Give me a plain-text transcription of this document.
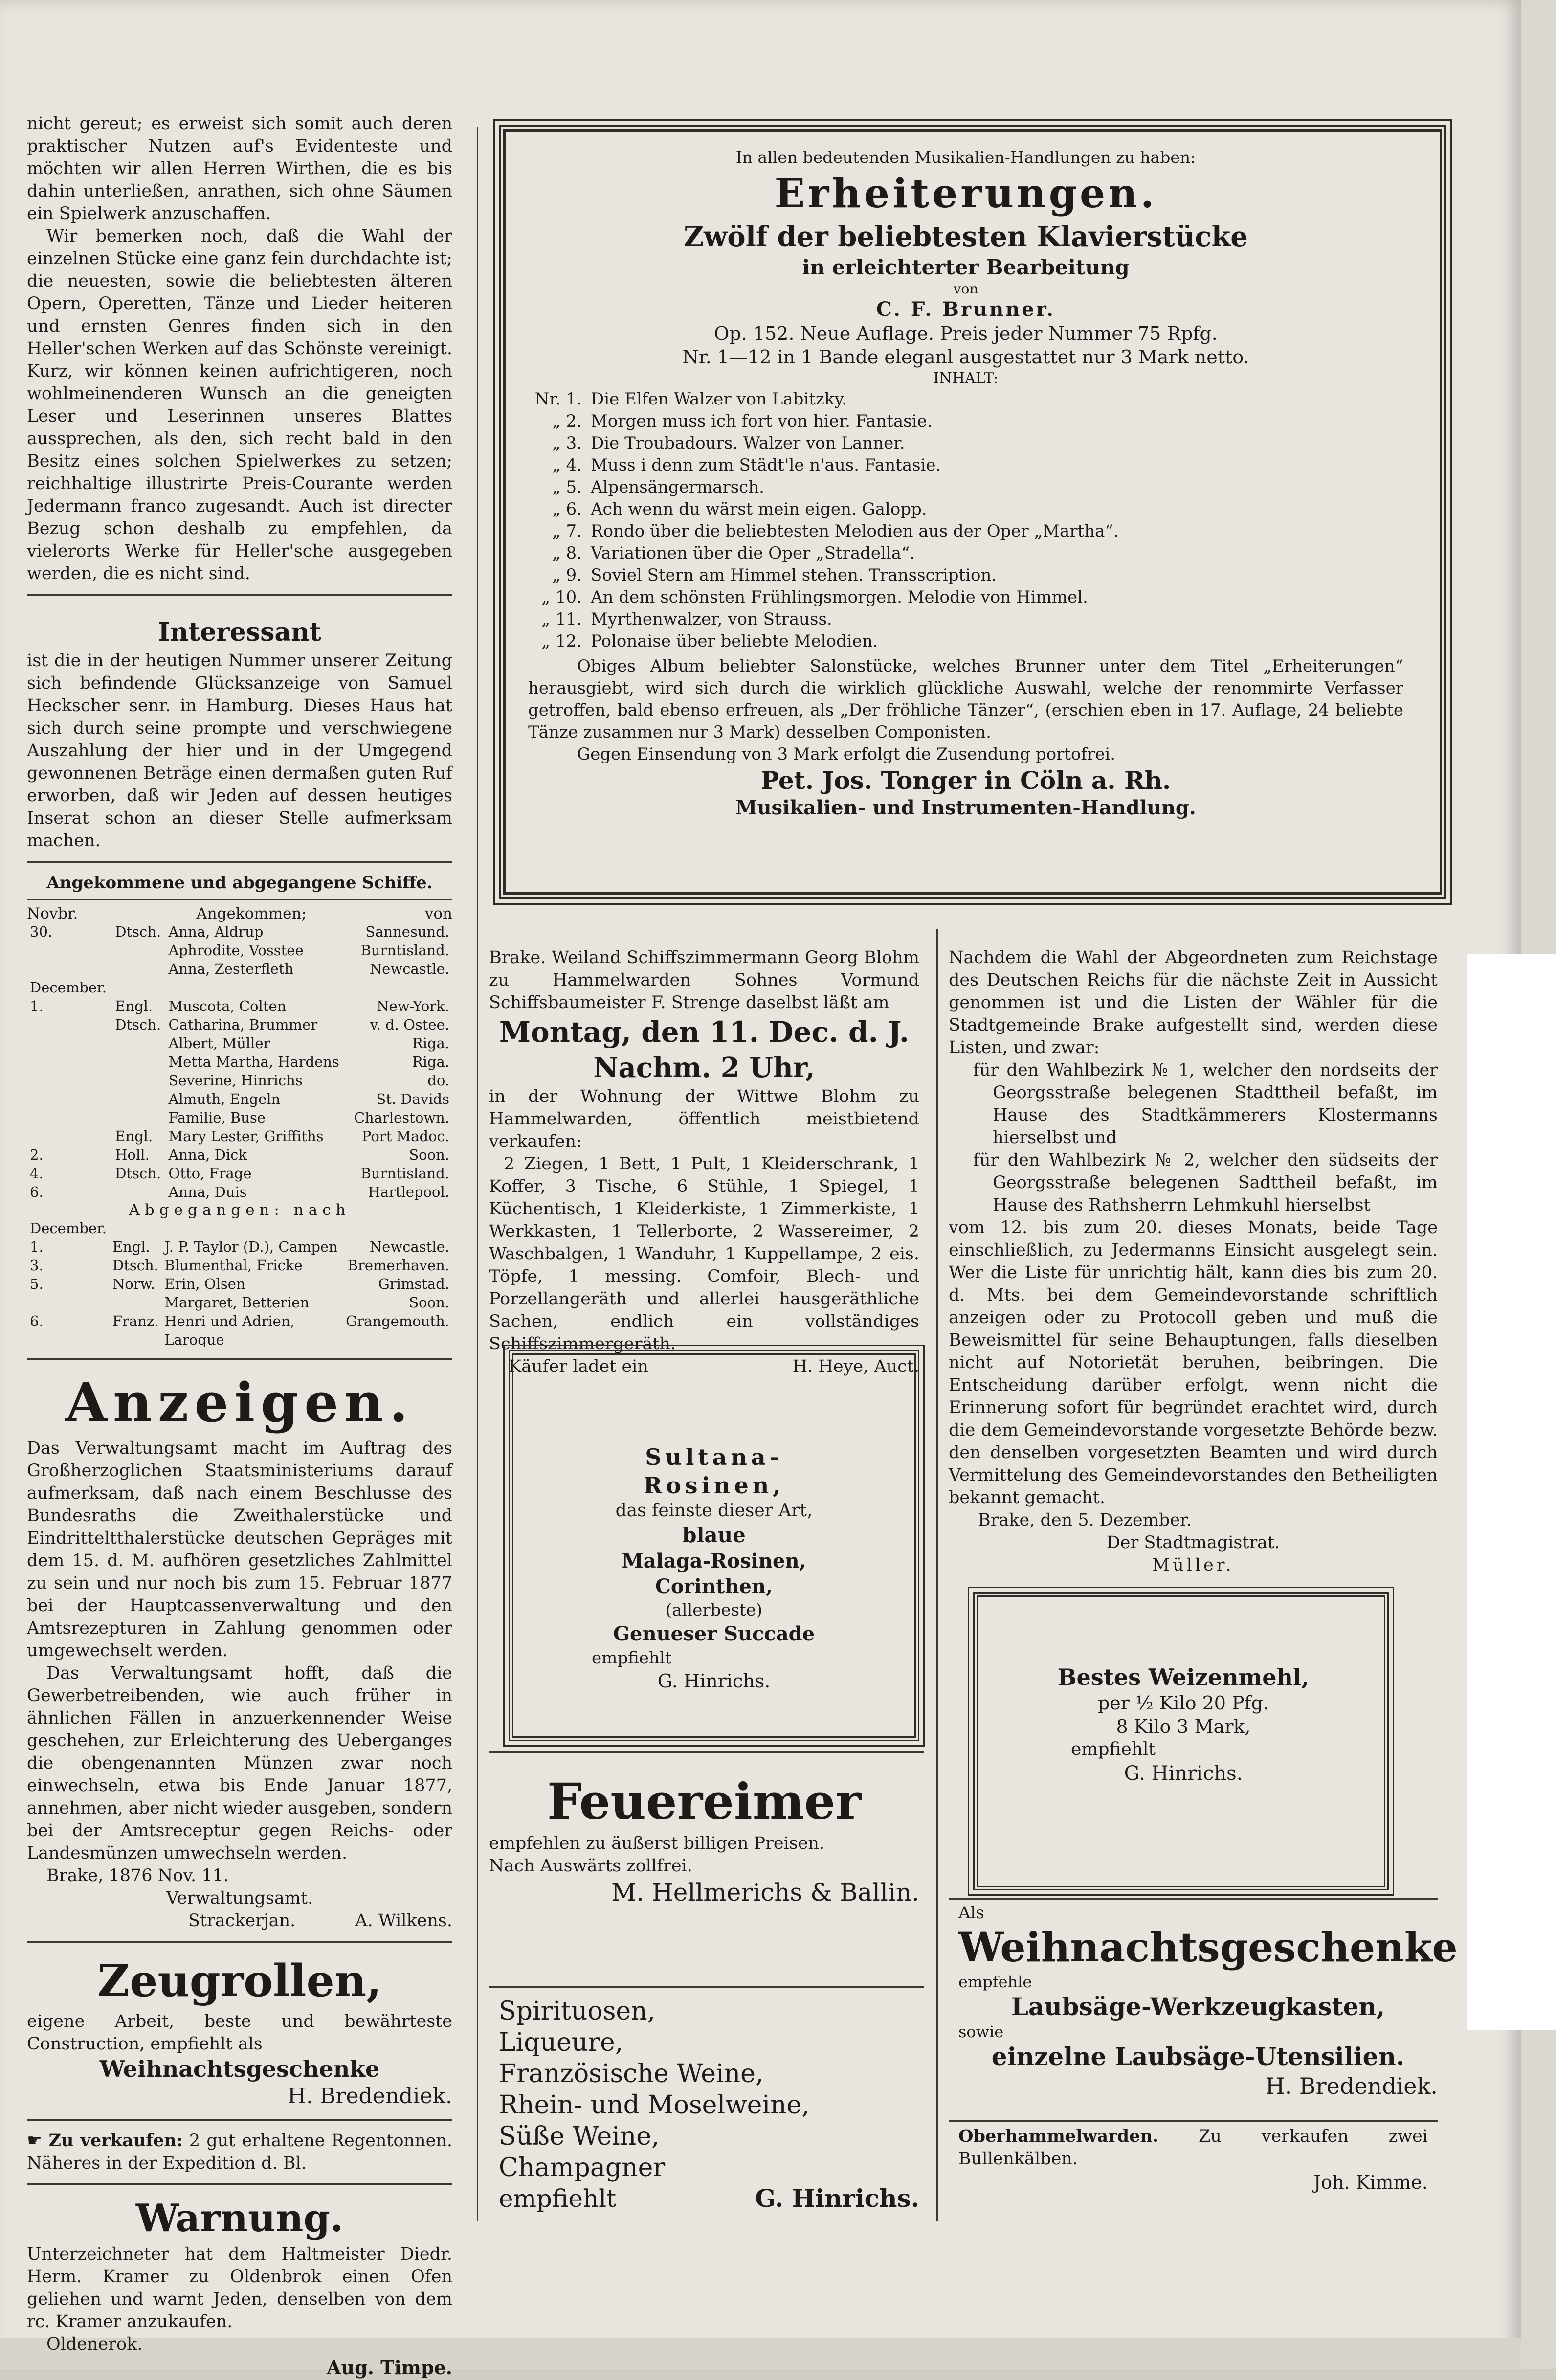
nicht gereut; es erweist sich somit auch deren praktischer Nutzen auf's Evidenteste und möchten wir allen Herren Wirthen, die es bis dahin unterließen, anrathen, sich ohne Säumen ein Spielwerk anzuschaffen.

Wir bemerken noch, daß die Wahl der einzelnen Stücke eine ganz fein durchdachte ist; die neuesten, sowie die beliebtesten älteren Opern, Operetten, Tänze und Lieder heiteren und ernsten Genres finden sich in den Heller'schen Werken auf das Schönste vereinigt. Kurz, wir können keinen aufrichtigeren, noch wohlmeinenderen Wunsch an die geneigten Leser und Leserinnen unseres Blattes aussprechen, als den, sich recht bald in den Besitz eines solchen Spielwerkes zu setzen; reichhaltige illustrirte Preis-Courante werden Jedermann franco zugesandt. Auch ist directer Bezug schon deshalb zu empfehlen, da vielerorts Werke für Heller'sche ausgegeben werden, die es nicht sind.

Interessant

ist die in der heutigen Nummer unserer Zeitung sich befindende Glücksanzeige von Samuel Heckscher senr. in Hamburg. Dieses Haus hat sich durch seine prompte und verschwiegene Auszahlung der hier und in der Umgegend gewonnenen Beträge einen dermaßen guten Ruf erworben, daß wir Jeden auf dessen heutiges Inserat schon an dieser Stelle aufmerksam machen.

Angekommene und abgegangene Schiffe.
Novbr.	Angekommen;	von
30.	Dtsch.	Anna, Aldrup	Sannesund.
		Aphrodite, Vosstee	Burntisland.
		Anna, Zesterfleth	Newcastle.
December.			
1.	Engl.	Muscota, Colten	New-York.
	Dtsch.	Catharina, Brummer	v. d. Ostee.
		Albert, Müller	Riga.
		Metta Martha, Hardens	Riga.
		Severine, Hinrichs	do.
		Almuth, Engeln	St. Davids
		Familie, Buse	Charlestown.
	Engl.	Mary Lester, Griffiths	Port Madoc.
2.	Holl.	Anna, Dick	Soon.
4.	Dtsch.	Otto, Frage	Burntisland.
6.		Anna, Duis	Hartlepool.
Abgegangen: nach
December.			
1.	Engl.	J. P. Taylor (D.), Campen	Newcastle.
3.	Dtsch.	Blumenthal, Fricke	Bremerhaven.
5.	Norw.	Erin, Olsen	Grimstad.
		Margaret, Betterien	Soon.
6.	Franz.	Henri und Adrien, Laroque	Grangemouth.
Anzeigen.

Das Verwaltungsamt macht im Auftrag des Großherzoglichen Staatsministeriums darauf aufmerksam, daß nach einem Beschlusse des Bundesraths die Zweithalerstücke und Eindritteltthalerstücke deutschen Gepräges mit dem 15. d. M. aufhören gesetzliches Zahlmittel zu sein und nur noch bis zum 15. Februar 1877 bei der Hauptcassenverwaltung und den Amtsrezepturen in Zahlung genommen oder umgewechselt werden.

Das Verwaltungsamt hofft, daß die Gewerbetreibenden, wie auch früher in ähnlichen Fällen in anzuerkennender Weise geschehen, zur Erleichterung des Ueberganges die obengenannten Münzen zwar noch einwechseln, etwa bis Ende Januar 1877, annehmen, aber nicht wieder ausgeben, sondern bei der Amtsreceptur gegen Reichs- oder Landesmünzen umwechseln werden.

Brake, 1876 Nov. 11.

Verwaltungsamt.

Strackerjan.	A. Wilkens.
Zeugrollen,

eigene Arbeit, beste und bewährteste Construction, empfiehlt als

Weihnachtsgeschenke
H. Bredendiek.

☛ Zu verkaufen: 2 gut erhaltene Regentonnen. Näheres in der Expedition d. Bl.

Warnung.

Unterzeichneter hat dem Haltmeister Diedr. Herm. Kramer zu Oldenbrok einen Ofen geliehen und warnt Jeden, denselben von dem rc. Kramer anzukaufen.

Oldenerok.

Aug. Timpe.
In allen bedeutenden Musikalien-Handlungen zu haben:
Erheiterungen.
Zwölf der beliebtesten Klavierstücke
in erleichterter Bearbeitung
von
C. F. Brunner.
Op. 152. Neue Auflage. Preis jeder Nummer 75 Rpfg.
Nr. 1—12 in 1 Bande eleganl ausgestattet nur 3 Mark netto.
INHALT:
Nr. 1. Die Elfen Walzer von Labitzky.
„ 2. Morgen muss ich fort von hier. Fantasie.
„ 3. Die Troubadours. Walzer von Lanner.
„ 4. Muss i denn zum Städt'le n'aus. Fantasie.
„ 5. Alpensängermarsch.
„ 6. Ach wenn du wärst mein eigen. Galopp.
„ 7. Rondo über die beliebtesten Melodien aus der Oper „Martha“.
„ 8. Variationen über die Oper „Stradella“.
„ 9. Soviel Stern am Himmel stehen. Transscription.
„ 10. An dem schönsten Frühlingsmorgen. Melodie von Himmel.
„ 11. Myrthenwalzer, von Strauss.
„ 12. Polonaise über beliebte Melodien.

Obiges Album beliebter Salonstücke, welches Brunner unter dem Titel „Erheiterungen“ herausgiebt, wird sich durch die wirklich glückliche Auswahl, welche der renommirte Verfasser getroffen, bald ebenso erfreuen, als „Der fröhliche Tänzer“, (erschien eben in 17. Auflage, 24 beliebte Tänze zusammen nur 3 Mark) desselben Componisten.

Gegen Einsendung von 3 Mark erfolgt die Zusendung portofrei.

Pet. Jos. Tonger in Cöln a. Rh.
Musikalien- und Instrumenten-Handlung.

Brake. Weiland Schiffszimmermann Georg Blohm zu Hammelwarden Sohnes Vormund Schiffsbaumeister F. Strenge daselbst läßt am

Montag, den 11. Dec. d. J.
Nachm. 2 Uhr,

in der Wohnung der Wittwe Blohm zu Hammelwarden, öffentlich meistbietend verkaufen:

2 Ziegen, 1 Bett, 1 Pult, 1 Kleiderschrank, 1 Koffer, 3 Tische, 6 Stühle, 1 Spiegel, 1 Küchentisch, 1 Kleiderkiste, 1 Zimmerkiste, 1 Werkkasten, 1 Tellerborte, 2 Wassereimer, 2 Waschbalgen, 1 Wanduhr, 1 Kuppellampe, 2 eis. Töpfe, 1 messing. Comfoir, Blech- und Porzellangeräth und allerlei hausgeräthliche Sachen, endlich ein vollständiges Schiffszimmergeräth.

Käufer ladet ein	H. Heye, Auct.
Sultana-
Rosinen,
das feinste dieser Art,
blaue
Malaga-Rosinen,
Corinthen,
(allerbeste)
Genueser Succade
empfiehlt
G. Hinrichs.
Feuereimer

empfehlen zu äußerst billigen Preisen.

Nach Auswärts zollfrei.

M. Hellmerichs & Ballin.
Spirituosen,
Liqueure,
Französische Weine,
Rhein- und Moselweine,
Süße Weine,
Champagner
empfiehlt	G. Hinrichs.

Nachdem die Wahl der Abgeordneten zum Reichstage des Deutschen Reichs für die nächste Zeit in Aussicht genommen ist und die Listen der Wähler für die Stadtgemeinde Brake aufgestellt sind, werden diese Listen, und zwar:

für den Wahlbezirk № 1, welcher den nordseits der Georgsstraße belegenen Stadttheil befaßt, im Hause des Stadtkämmerers Klostermanns hierselbst und

für den Wahlbezirk № 2, welcher den südseits der Georgsstraße belegenen Sadttheil befaßt, im Hause des Rathsherrn Lehmkuhl hierselbst

vom 12. bis zum 20. dieses Monats, beide Tage einschließlich, zu Jedermanns Einsicht ausgelegt sein. Wer die Liste für unrichtig hält, kann dies bis zum 20. d. Mts. bei dem Gemeindevorstande schriftlich anzeigen oder zu Protocoll geben und muß die Beweismittel für seine Behauptungen, falls dieselben nicht auf Notorietät beruhen, beibringen. Die Entscheidung darüber erfolgt, wenn nicht die Erinnerung sofort für begründet erachtet wird, durch die dem Gemeindevorstande vorgesetzte Behörde bezw. den denselben vorgesetzten Beamten und wird durch Vermittelung des Gemeindevorstandes den Betheiligten bekannt gemacht.

Brake, den 5. Dezember.

Der Stadtmagistrat.

Müller.

Bestes Weizenmehl,
per ½ Kilo 20 Pfg.
8 Kilo 3 Mark,
empfiehlt
G. Hinrichs.
Als
Weihnachtsgeschenke
empfehle
Laubsäge-Werkzeugkasten,
sowie
einzelne Laubsäge-Utensilien.
H. Bredendiek.

Oberhammelwarden. Zu verkaufen zwei Bullenkälben.

Joh. Kimme.
